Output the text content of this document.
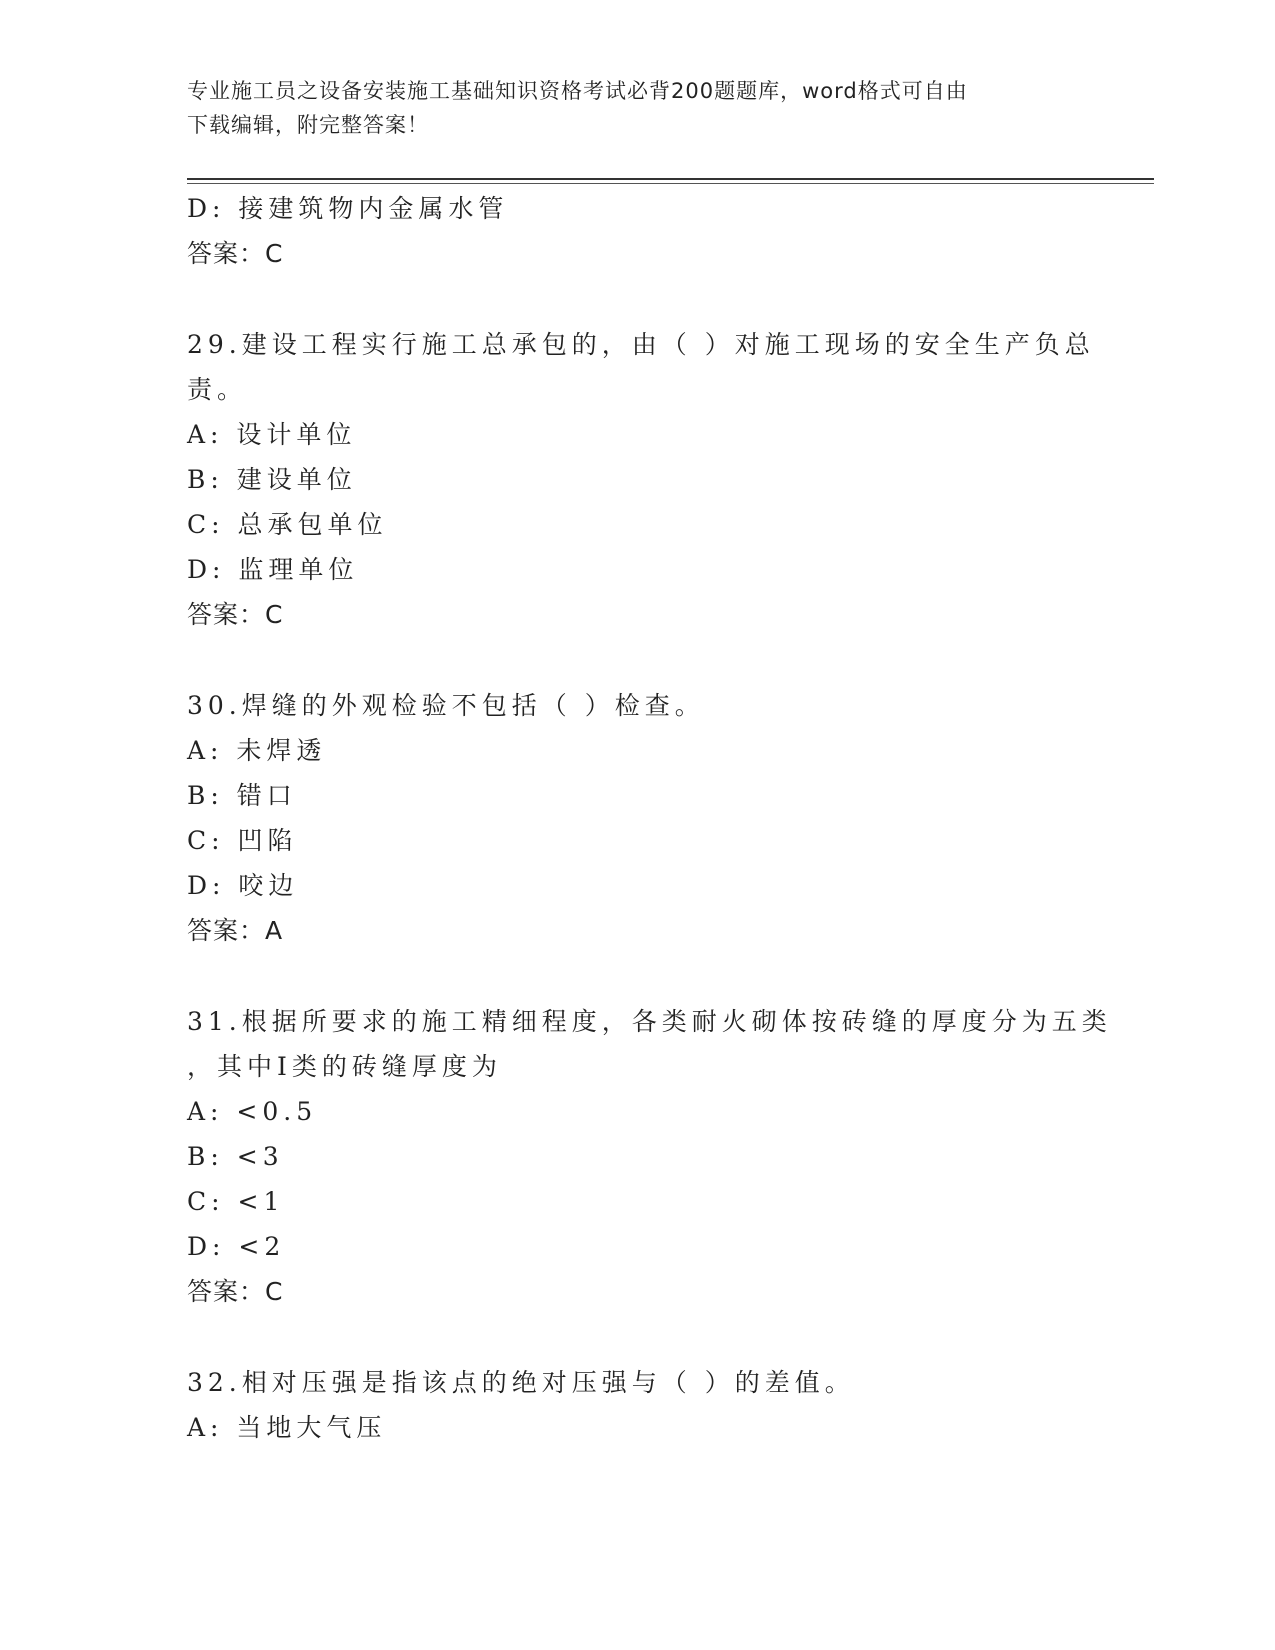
专业施工员之设备安装施工基础知识资格考试必背200题题库，word格式可自由
下载编辑，附完整答案！
D: 接建筑物内金属水管
答案：C
29.建设工程实行施工总承包的，由（ ）对施工现场的安全生产负总
责。
A: 设计单位
B: 建设单位
C: 总承包单位
D: 监理单位
答案：C
30.焊缝的外观检验不包括（ ）检查。
A: 未焊透
B: 错口
C: 凹陷
D: 咬边
答案：A
31.根据所要求的施工精细程度，各类耐火砌体按砖缝的厚度分为五类
，其中I类的砖缝厚度为
A: <0.5
B: <3
C: <1
D: <2
答案：C
32.相对压强是指该点的绝对压强与（ ）的差值。
A: 当地大气压
